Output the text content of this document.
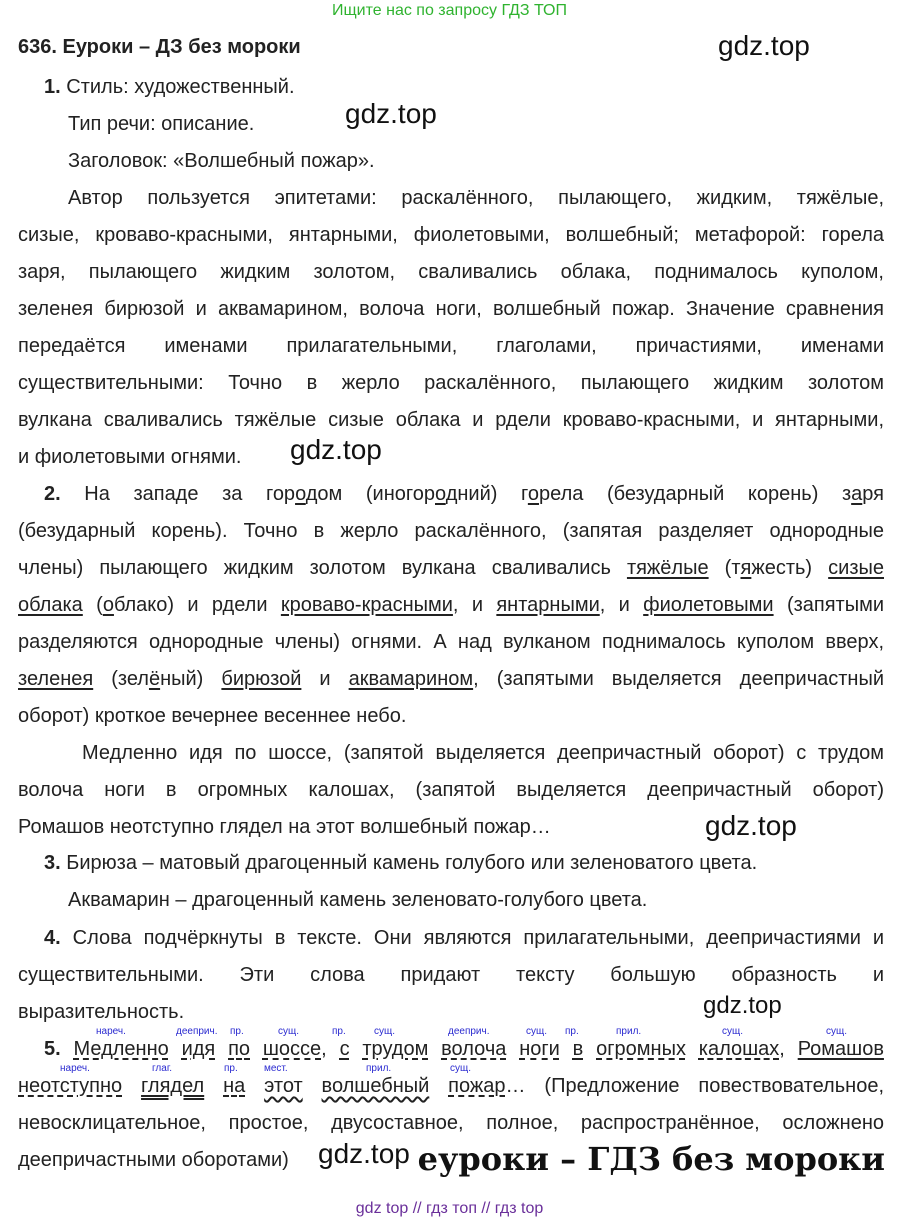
Ищите нас по запросу ГДЗ ТОП
636. Еуроки – ДЗ без мороки	gdz.top
1. Стиль: художественный.
Тип речи: описание.	gdz.top
Заголовок: «Волшебный пожар».
Автор пользуется эпитетами: раскалённого, пылающего, жидким, тяжёлые,
сизые, кроваво-красными, янтарными, фиолетовыми, волшебный; метафорой: горела
заря, пылающего жидким золотом, сваливались облака, поднималось куполом,
зеленея бирюзой и аквамарином, волоча ноги, волшебный пожар. Значение сравнения
передаётся именами прилагательными, глаголами, причастиями, именами
существительными: Точно в жерло раскалённого, пылающего жидким золотом
вулкана сваливались тяжёлые сизые облака и рдели кроваво-красными, и янтарными,
и фиолетовыми огнями. gdz.top
2. На западе за городом (иногородний) горела (безударный корень) заря
(безударный корень). Точно в жерло раскалённого, (запятая разделяет однородные
члены) пылающего жидким золотом вулкана сваливались тяжёлые (тяжесть) сизые
облака (облако) и рдели кроваво-красными, и янтарными, и фиолетовыми (запятыми
разделяются однородные члены) огнями. А над вулканом поднималось куполом вверх,
зеленея (зелёный) бирюзой и аквамарином, (запятыми выделяется деепричастный
оборот) кроткое вечернее весеннее небо.
Медленно идя по шоссе, (запятой выделяется деепричастный оборот) с трудом
волоча ноги в огромных калошах, (запятой выделяется деепричастный оборот)
Ромашов неотступно глядел на этот волшебный пожар…	gdz.top
3. Бирюза – матовый драгоценный камень голубого или зеленоватого цвета.
Аквамарин – драгоценный камень зеленовато-голубого цвета.
4. Слова подчёркнуты в тексте. Они являются прилагательными, деепричастиями и
существительными. Эти слова придают тексту большую образность и
выразительность.	gdz.top
нареч.	дееприч. пр.	сущ.	пр.	сущ.	дееприч.	сущ. пр.	прил.	сущ.	сущ.
нареч.	глаг.	пр.	мест.	прил.	сущ.
5. Медленно идя по шоссе, с трудом волоча ноги в огромных калошах, Ромашов
неотступно глядел на этот волшебный пожар… (Предложение повествовательное,
невосклицательное, простое, двусоставное, полное, распространённое, осложнено
деепричастными оборотами) gdz.top еуроки – ГДЗ без мороки
gdz top // гдз топ // гдз top
